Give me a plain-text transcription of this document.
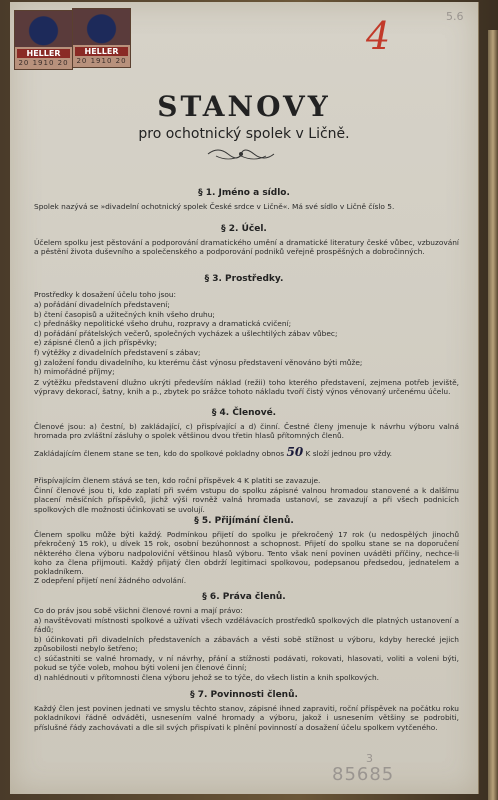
HELLER
20 1910 20
HELLER
20 1910 20
5.6
4
STANOVY
pro ochotnický spolek v Ličně.
§ 1. Jméno a sídlo.
Spolek nazývá se »divadelní ochotnický spolek České srdce v Ličně«. Má své sídlo v Ličně číslo 5.
§ 2. Účel.
Účelem spolku jest pěstování a podporování dramatického umění a dramatické literatury české vůbec, vzbuzování a pěstění života duševního a společenského a podporování podniků veřejně prospěšných a dobročinných.
§ 3. Prostředky.
Prostředky k dosažení účelu toho jsou:
a) pořádání divadelních představení;
b) čtení časopisů a užitečných knih všeho druhu;
c) přednášky nepolitické všeho druhu, rozpravy a dramatická cvičení;
d) pořádání přátelských večerů, společných vycházek a ušlechtilých zábav vůbec;
e) zápisné členů a jich příspěvky;
f) výtěžky z divadelních představení s zábav;
g) založení fondu divadelního, ku kterému část výnosu představení věnováno býti může;
h) mimořádné příjmy;
Z výtěžku představení dlužno ukrýti především náklad (režii) toho kterého představení, zejmena potřeb jeviště, výpravy dekorací, šatny, knih a p., zbytek po srážce tohoto nákladu tvoří čistý výnos věnovaný určenému účelu.
§ 4. Členové.
Členové jsou: a) čestní, b) zakládající, c) přispívající a d) činní. Čestné členy jmenuje k návrhu výboru valná hromada pro zvláštní zásluhy o spolek většinou dvou třetin hlasů přítomných členů.
Zakládajícím členem stane se ten, kdo do spolkové pokladny obnos 50 K složí jednou pro vždy.
Přispívajícím členem stává se ten, kdo roční příspěvek 4 K platiti se zavazuje.
Činní členové jsou ti, kdo zaplatí při svém vstupu do spolku zápisné valnou hromadou stanovené a k dalšímu placení měsíčních příspěvků, jichž výši rovněž valná hromada ustanoví, se zavazují a při všech podnicích spolkových dle možnosti účinkovati se uvolují.
§ 5. Přijímání členů.
Členem spolku může býti každý. Podmínkou přijetí do spolku je překročený 17 rok (u nedospělých jinochů překročený 15 rok), u dívek 15 rok, osobní bezúhonnost a schopnost. Přijetí do spolku stane se na doporučení některého člena výboru nadpoloviční většinou hlasů výboru. Tento však není povinen uváděti příčiny, nechce-li koho za člena přijmouti. Každý přijatý člen obdrží legitimaci spolkovou, podepsanou předsedou, jednatelem a pokladníkem.
Z odepření přijetí není žádného odvolání.
§ 6. Práva členů.
Co do práv jsou sobě všichni členové rovni a mají právo:
a) navštěvovati místnosti spolkové a užívati všech vzdělávacích prostředků spolkových dle platných ustanovení a řádů;
b) účinkovati při divadelních představeních a zábavách a věsti sobě stížnost u výboru, kdyby herecké jejich způsobilosti nebylo šetřeno;
c) súčastniti se valné hromady, v ní návrhy, přání a stížnosti podávati, rokovati, hlasovati, voliti a voleni býti, pokud se týče voleb, mohou býti voleni jen členové činní;
d) nahlédnouti v přítomnosti člena výboru jehož se to týče, do všech listin a knih spolkových.
§ 7. Povinnosti členů.
Každý člen jest povinen jednati ve smyslu těchto stanov, zápisné ihned zapraviti, roční příspěvek na počátku roku pokladníkovi řádně odváděti, usnesením valné hromady a výboru, jakož i usnesením většiny se podrobiti, příslušné řády zachovávati a dle sil svých přispívati k plnění povinností a dosažení účelu spolkem vytčeného.
3
85685
